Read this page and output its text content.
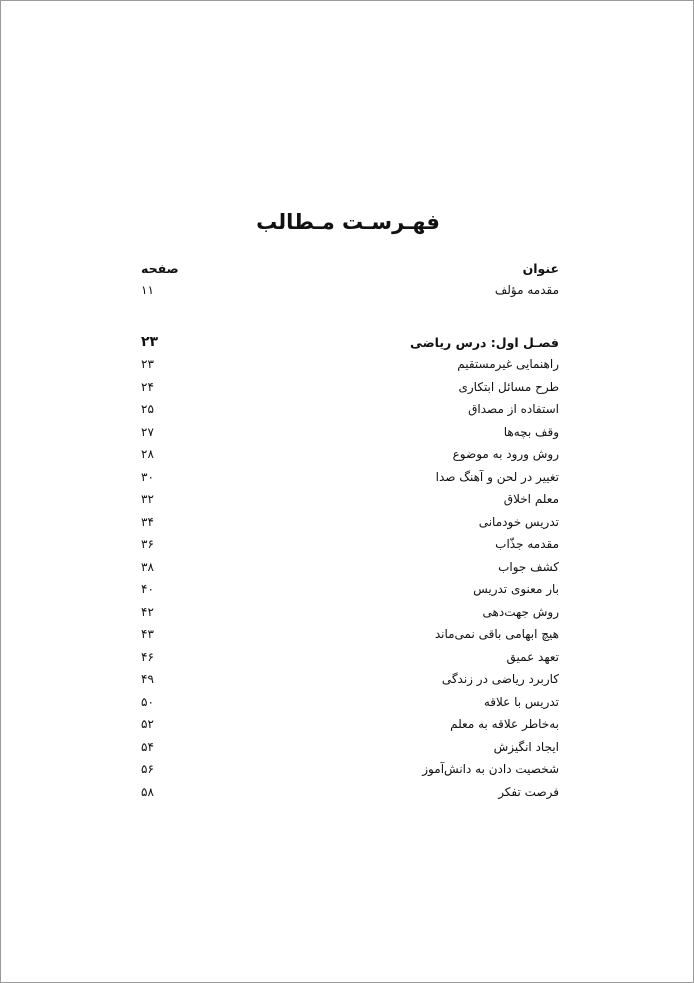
فهـرسـت مـطالب
عنوان
صفحه
مقدمه مؤلف
۱۱
فصـل اول: درس ریاضی
۲۳
راهنمایی غیرمستقیم
۲۳
طرح مسائل ابتکاری
۲۴
استفاده از مصداق
۲۵
وقف بچه‌ها
۲۷
روش ورود به موضوع
۲۸
تغییر در لحن و آهنگ صدا
۳۰
معلم اخلاق
۳۲
تدریس خودمانی
۳۴
مقدمه جذّاب
۳۶
کشف جواب
۳۸
بار معنوی تدریس
۴۰
روش جهت‌دهی
۴۲
هیچ ابهامی باقی نمی‌ماند
۴۳
تعهد عمیق
۴۶
کاربرد ریاضی در زندگی
۴۹
تدریس با علاقه
۵۰
به‌خاطر علاقه به معلم
۵۲
ایجاد انگیزش
۵۴
شخصیت دادن به دانش‌آموز
۵۶
فرصت تفکر
۵۸
